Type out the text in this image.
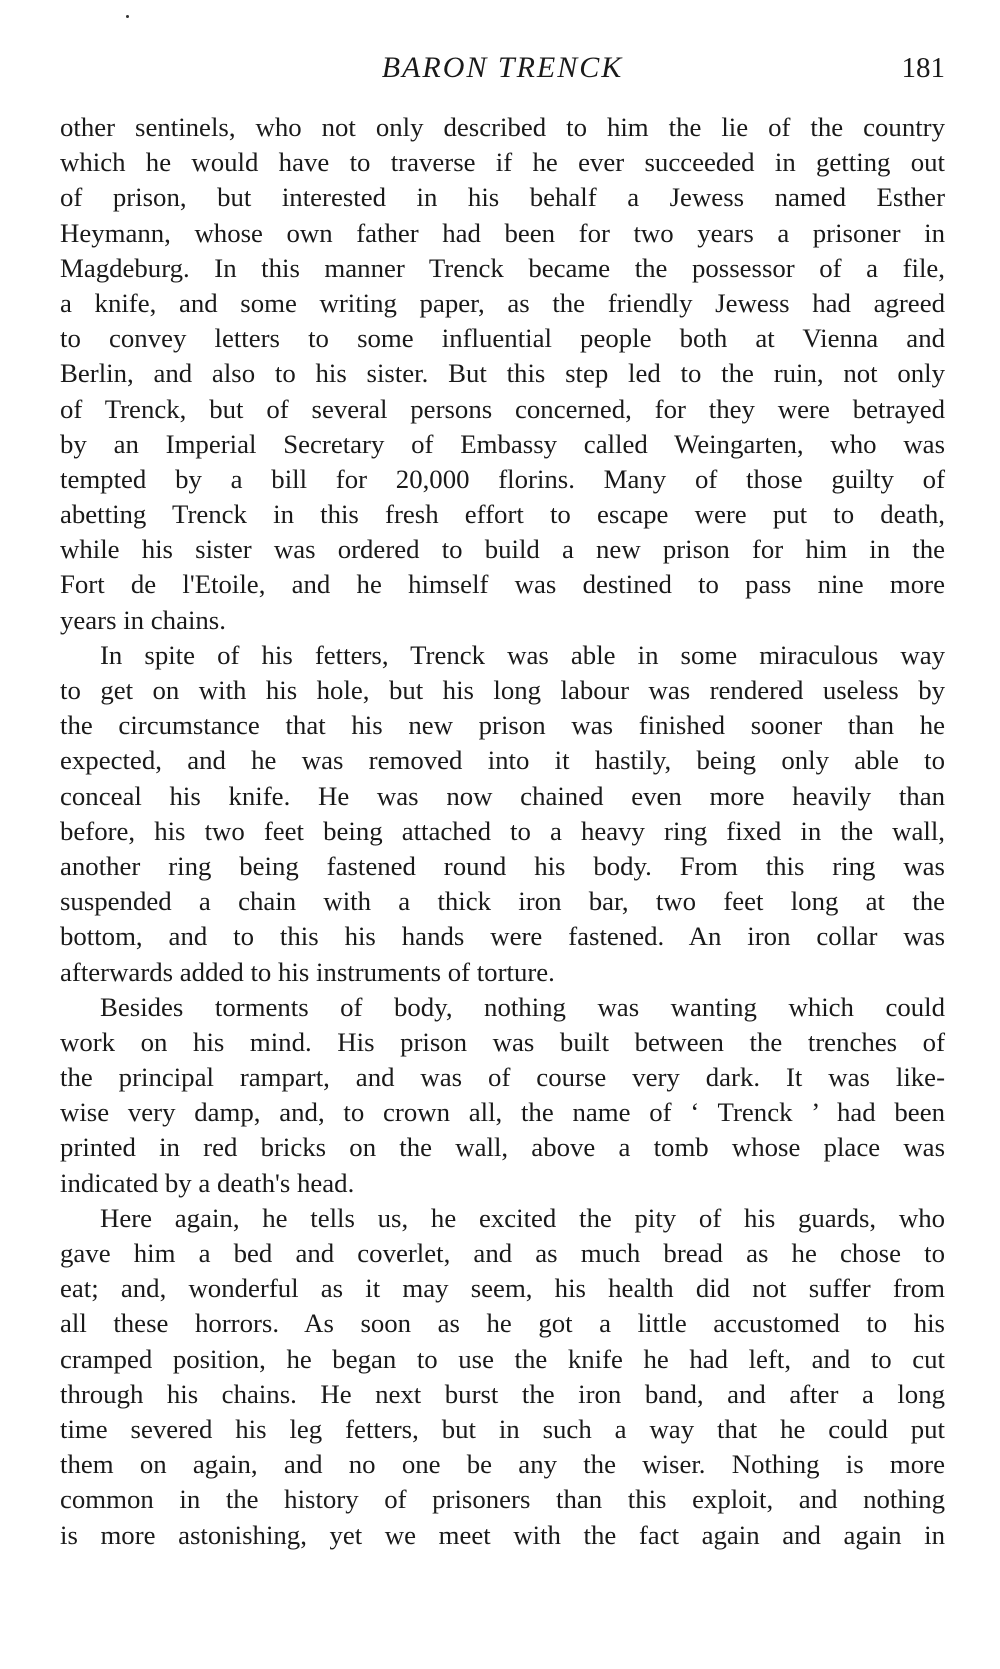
BARON TRENCK	181
other sentinels, who not only described to him the lie of the country
which he would have to traverse if he ever succeeded in getting out
of prison, but interested in his behalf a Jewess named Esther
Heymann, whose own father had been for two years a prisoner in
Magdeburg. In this manner Trenck became the possessor of a file,
a knife, and some writing paper, as the friendly Jewess had agreed
to convey letters to some influential people both at Vienna and
Berlin, and also to his sister. But this step led to the ruin, not only
of Trenck, but of several persons concerned, for they were betrayed
by an Imperial Secretary of Embassy called Weingarten, who was
tempted by a bill for 20,000 florins. Many of those guilty of
abetting Trenck in this fresh effort to escape were put to death,
while his sister was ordered to build a new prison for him in the
Fort de l'Etoile, and he himself was destined to pass nine more
years in chains.
In spite of his fetters, Trenck was able in some miraculous way
to get on with his hole, but his long labour was rendered useless by
the circumstance that his new prison was finished sooner than he
expected, and he was removed into it hastily, being only able to
conceal his knife. He was now chained even more heavily than
before, his two feet being attached to a heavy ring fixed in the wall,
another ring being fastened round his body. From this ring was
suspended a chain with a thick iron bar, two feet long at the
bottom, and to this his hands were fastened. An iron collar was
afterwards added to his instruments of torture.
Besides torments of body, nothing was wanting which could
work on his mind. His prison was built between the trenches of
the principal rampart, and was of course very dark. It was like-
wise very damp, and, to crown all, the name of ‘ Trenck ’ had been
printed in red bricks on the wall, above a tomb whose place was
indicated by a death's head.
Here again, he tells us, he excited the pity of his guards, who
gave him a bed and coverlet, and as much bread as he chose to
eat; and, wonderful as it may seem, his health did not suffer from
all these horrors. As soon as he got a little accustomed to his
cramped position, he began to use the knife he had left, and to cut
through his chains. He next burst the iron band, and after a long
time severed his leg fetters, but in such a way that he could put
them on again, and no one be any the wiser. Nothing is more
common in the history of prisoners than this exploit, and nothing
is more astonishing, yet we meet with the fact again and again in
